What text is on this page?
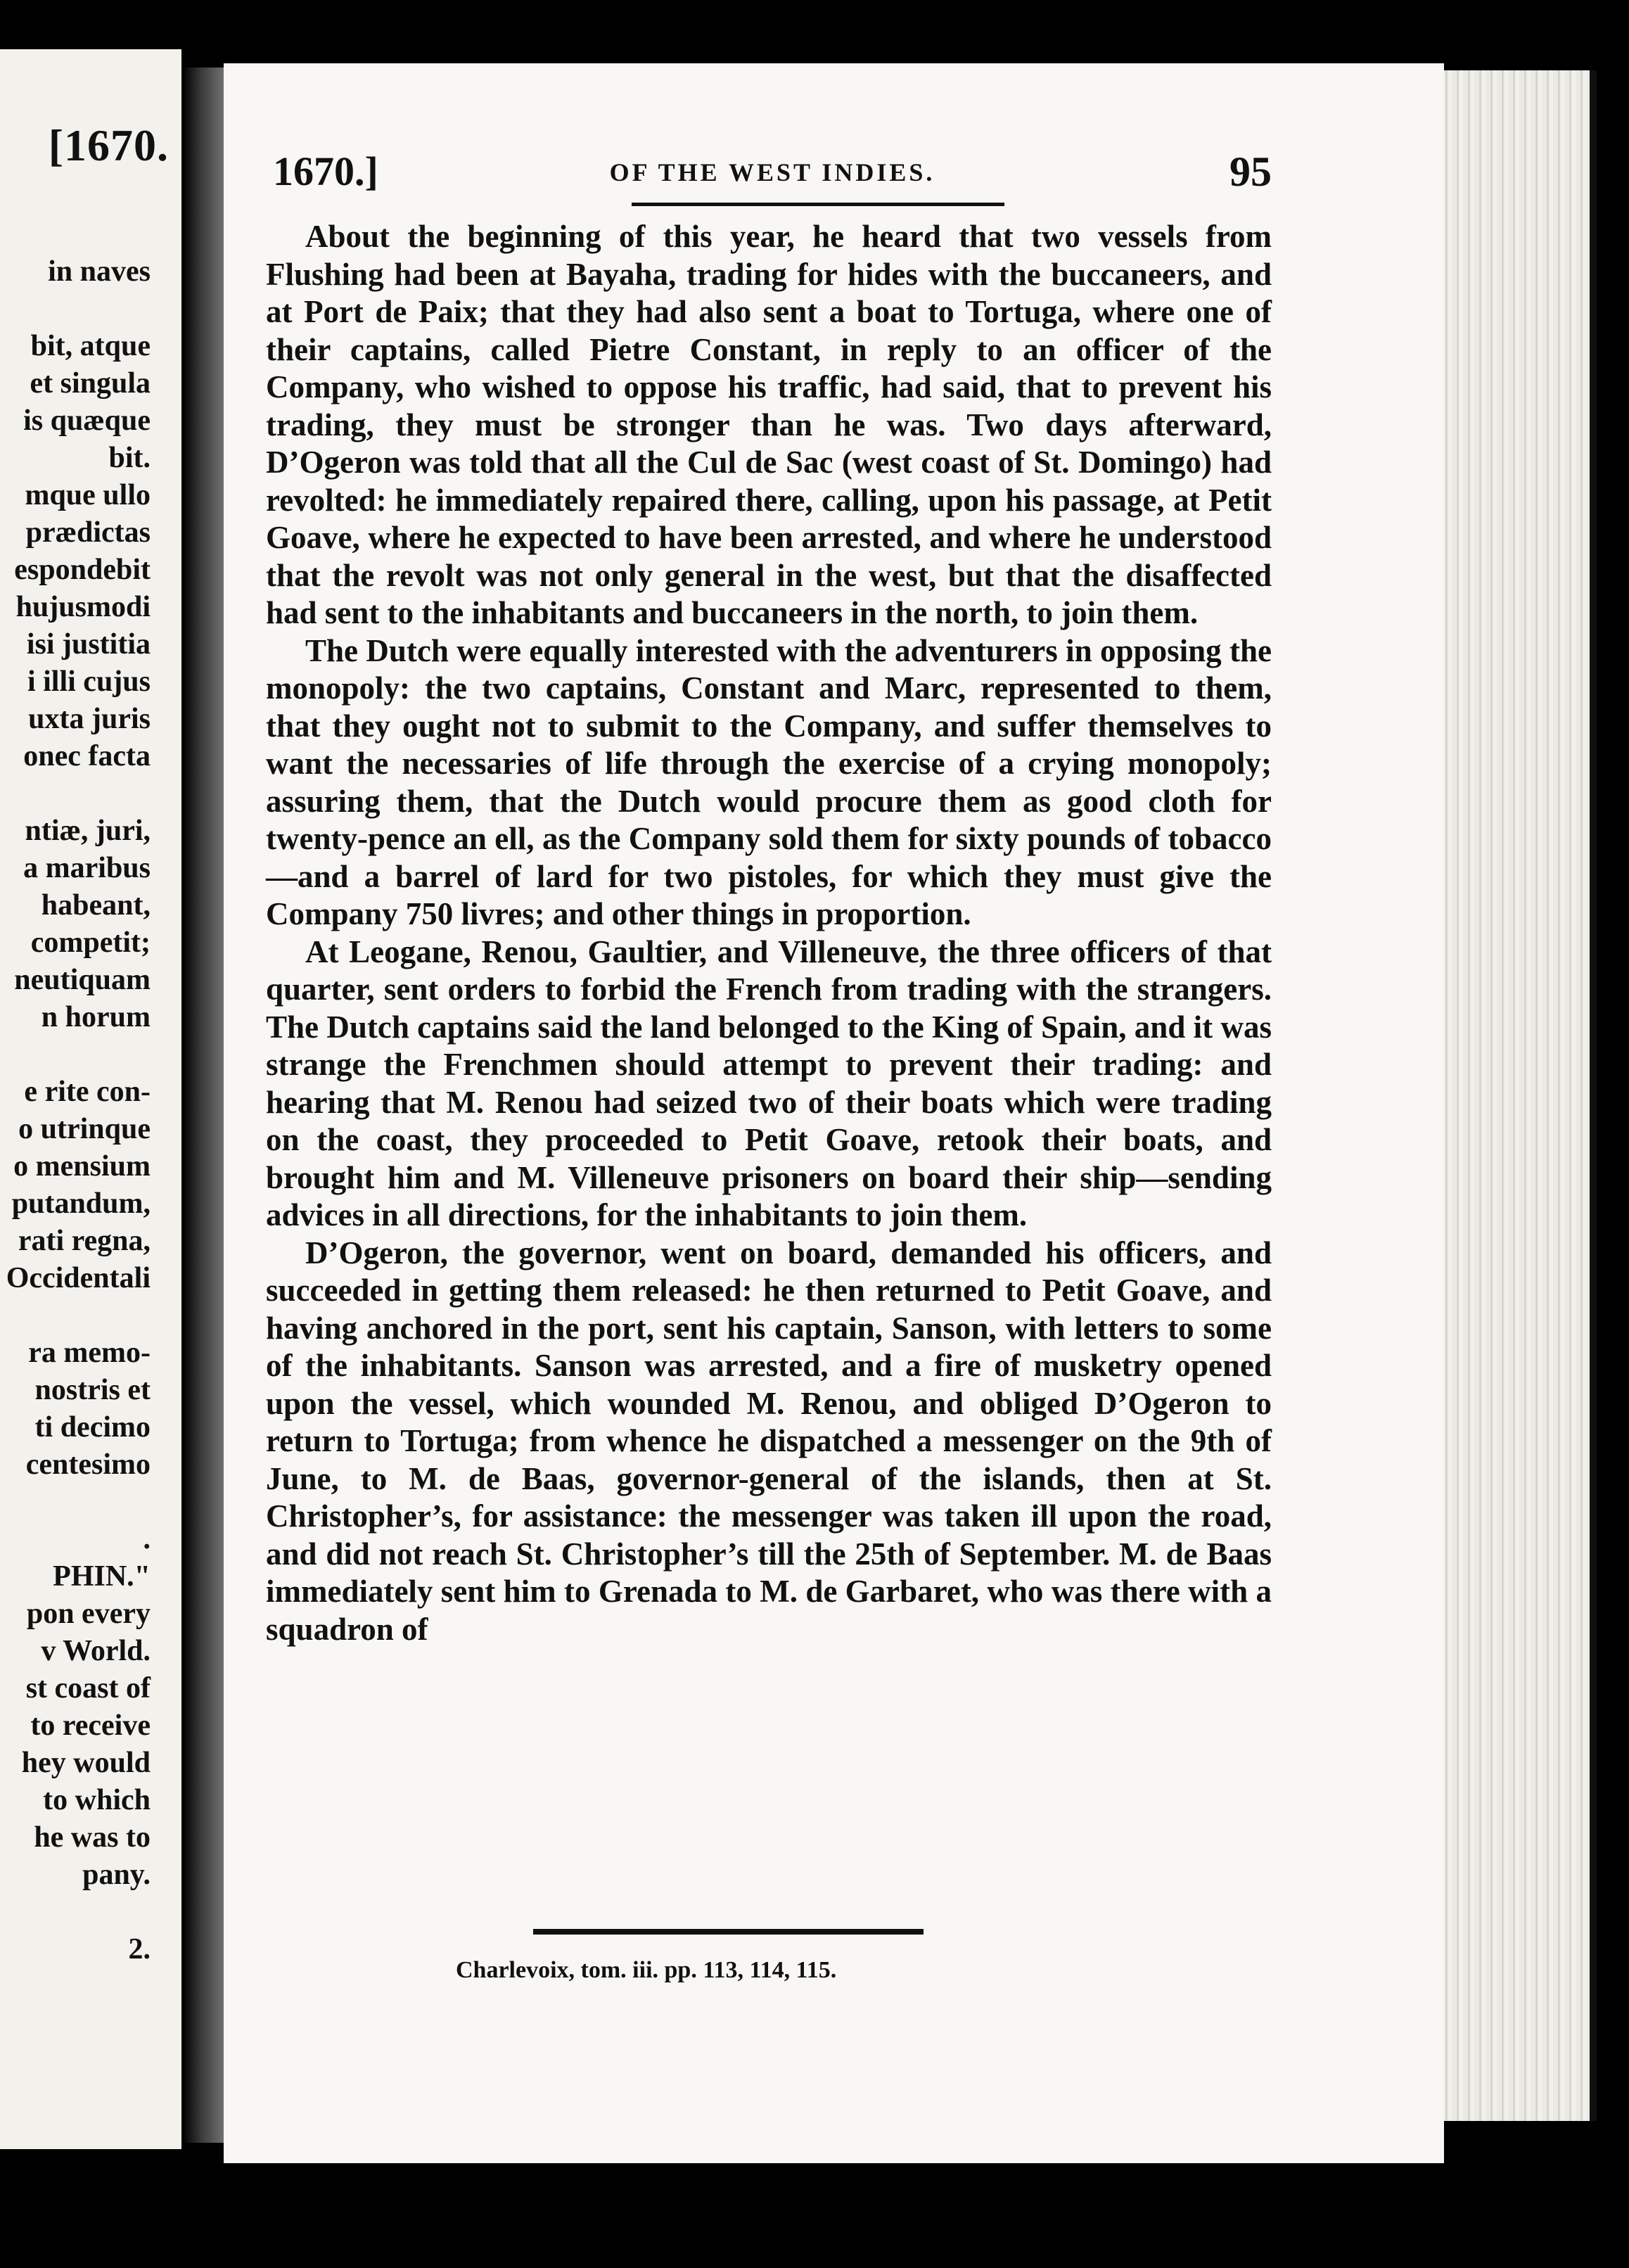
[1670.
in naves
bit, atque
et singula
is quæque
bit.
mque ullo
prædictas
espondebit
hujusmodi
isi justitia
i illi cujus
uxta juris
onec facta
ntiæ, juri,
a maribus
habeant,
competit;
neutiquam
n horum
e rite con-
o utrinque
o mensium
putandum,
rati regna,
Occidentali
ra memo-
nostris et
ti decimo
centesimo
.
PHIN."
pon every
v World.
st coast of
to receive
hey would
to which
he was to
pany.
2.
1670.]	OF THE WEST INDIES.	95

About the beginning of this year, he heard that two vessels from Flushing had been at Bayaha, trading for hides with the buccaneers, and at Port de Paix; that they had also sent a boat to Tortuga, where one of their captains, called Pietre Constant, in reply to an officer of the Company, who wished to oppose his traffic, had said, that to prevent his trading, they must be stronger than he was. Two days afterward, D’Ogeron was told that all the Cul de Sac (west coast of St. Domingo) had revolted: he immediately repaired there, calling, upon his passage, at Petit Goave, where he expected to have been arrested, and where he understood that the revolt was not only general in the west, but that the disaffected had sent to the inhabitants and buccaneers in the north, to join them.

The Dutch were equally interested with the adventurers in opposing the monopoly: the two captains, Constant and Marc, represented to them, that they ought not to submit to the Company, and suffer themselves to want the necessaries of life through the exercise of a crying monopoly; assuring them, that the Dutch would procure them as good cloth for twenty-pence an ell, as the Company sold them for sixty pounds of tobacco—and a barrel of lard for two pistoles, for which they must give the Company 750 livres; and other things in proportion.

At Leogane, Renou, Gaultier, and Villeneuve, the three officers of that quarter, sent orders to forbid the French from trading with the strangers. The Dutch captains said the land belonged to the King of Spain, and it was strange the Frenchmen should attempt to prevent their trading: and hearing that M. Renou had seized two of their boats which were trading on the coast, they proceeded to Petit Goave, retook their boats, and brought him and M. Villeneuve prisoners on board their ship—sending advices in all directions, for the inhabitants to join them.

D’Ogeron, the governor, went on board, demanded his officers, and succeeded in getting them released: he then returned to Petit Goave, and having anchored in the port, sent his captain, Sanson, with letters to some of the inhabitants. Sanson was arrested, and a fire of musketry opened upon the vessel, which wounded M. Renou, and obliged D’Ogeron to return to Tortuga; from whence he dispatched a messenger on the 9th of June, to M. de Baas, governor-general of the islands, then at St. Christopher’s, for assistance: the messenger was taken ill upon the road, and did not reach St. Christopher’s till the 25th of September. M. de Baas immediately sent him to Grenada to M. de Garbaret, who was there with a squadron of

Charlevoix, tom. iii. pp. 113, 114, 115.
